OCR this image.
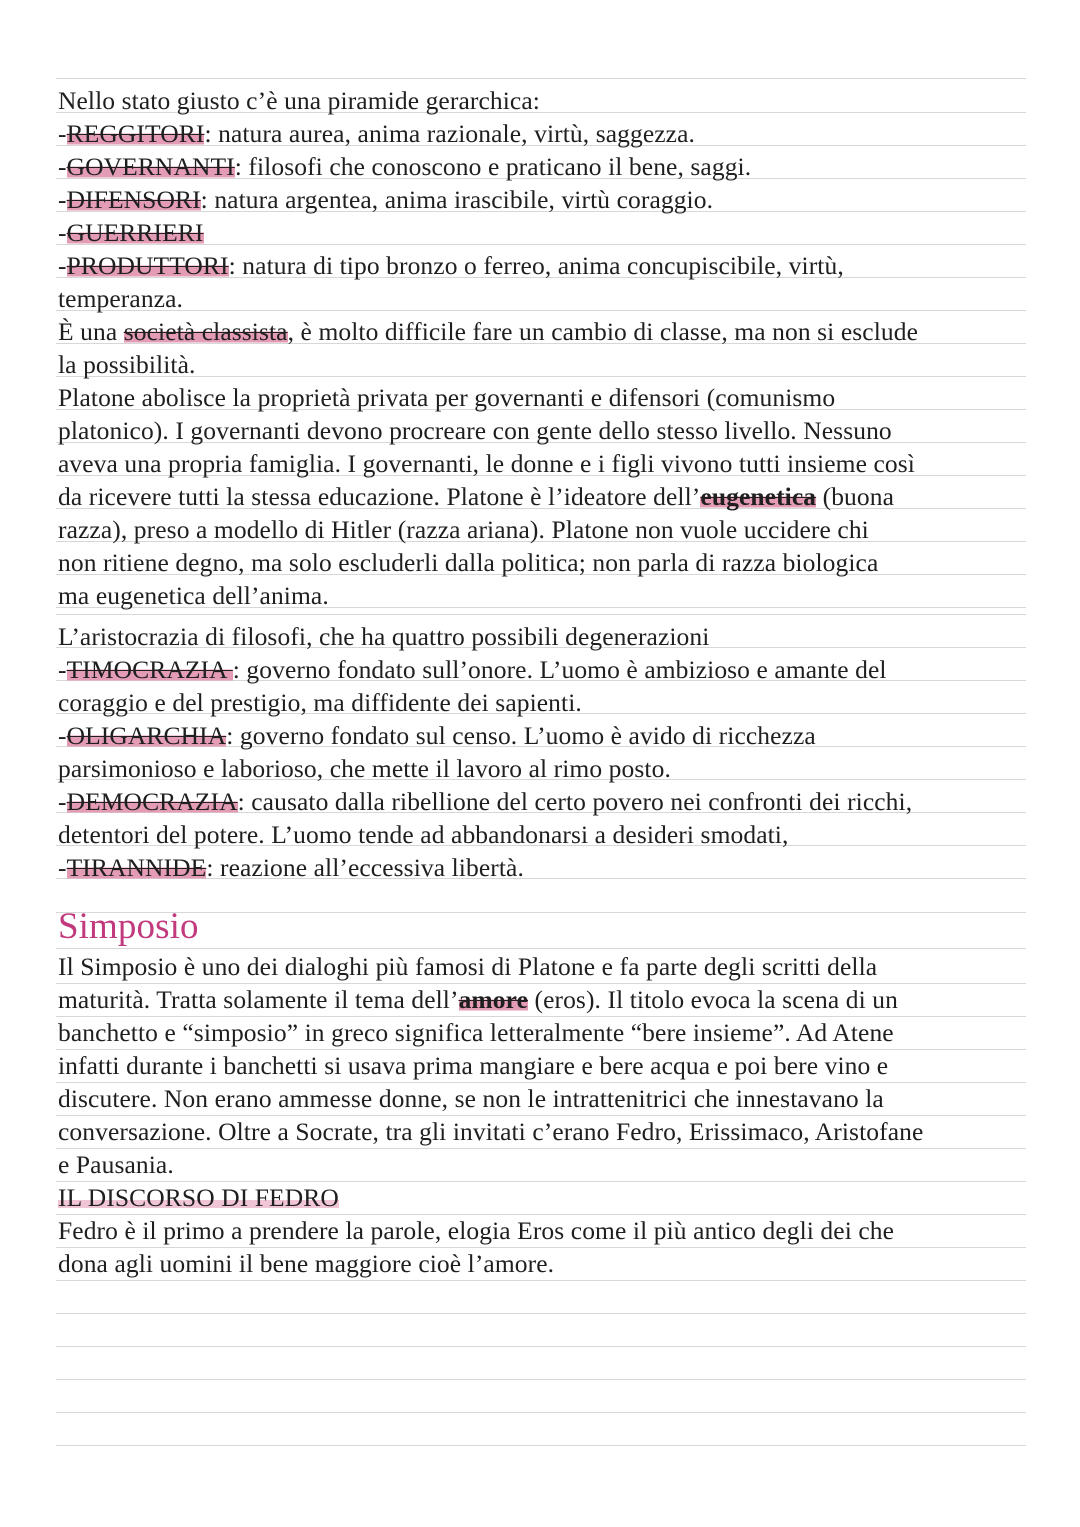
Nello stato giusto c’è una piramide gerarchica:
-REGGITORI: natura aurea, anima razionale, virtù, saggezza.
-GOVERNANTI: filosofi che conoscono e praticano il bene, saggi.
-DIFENSORI: natura argentea, anima irascibile, virtù coraggio.
-GUERRIERI
-PRODUTTORI: natura di tipo bronzo o ferreo, anima concupiscibile, virtù,
temperanza.
È una società classista, è molto difficile fare un cambio di classe, ma non si esclude
la possibilità.
Platone abolisce la proprietà privata per governanti e difensori (comunismo
platonico). I governanti devono procreare con gente dello stesso livello. Nessuno
aveva una propria famiglia. I governanti, le donne e i figli vivono tutti insieme così
da ricevere tutti la stessa educazione. Platone è l’ideatore dell’eugenetica (buona
razza), preso a modello di Hitler (razza ariana). Platone non vuole uccidere chi
non ritiene degno, ma solo escluderli dalla politica; non parla di razza biologica
ma eugenetica dell’anima.
L’aristocrazia di filosofi, che ha quattro possibili degenerazioni
-TIMOCRAZIA : governo fondato sull’onore. L’uomo è ambizioso e amante del
coraggio e del prestigio, ma diffidente dei sapienti.
-OLIGARCHIA: governo fondato sul censo. L’uomo è avido di ricchezza
parsimonioso e laborioso, che mette il lavoro al rimo posto.
-DEMOCRAZIA: causato dalla ribellione del certo povero nei confronti dei ricchi,
detentori del potere. L’uomo tende ad abbandonarsi a desideri smodati,
-TIRANNIDE: reazione all’eccessiva libertà.
Simposio
Il Simposio è uno dei dialoghi più famosi di Platone e fa parte degli scritti della
maturità. Tratta solamente il tema dell’amore (eros). Il titolo evoca la scena di un
banchetto e “simposio” in greco significa letteralmente “bere insieme”. Ad Atene
infatti durante i banchetti si usava prima mangiare e bere acqua e poi bere vino e
discutere. Non erano ammesse donne, se non le intrattenitrici che innestavano la
conversazione. Oltre a Socrate, tra gli invitati c’erano Fedro, Erissimaco, Aristofane
e Pausania.
IL DISCORSO DI FEDRO
Fedro è il primo a prendere la parole, elogia Eros come il più antico degli dei che
dona agli uomini il bene maggiore cioè l’amore.
